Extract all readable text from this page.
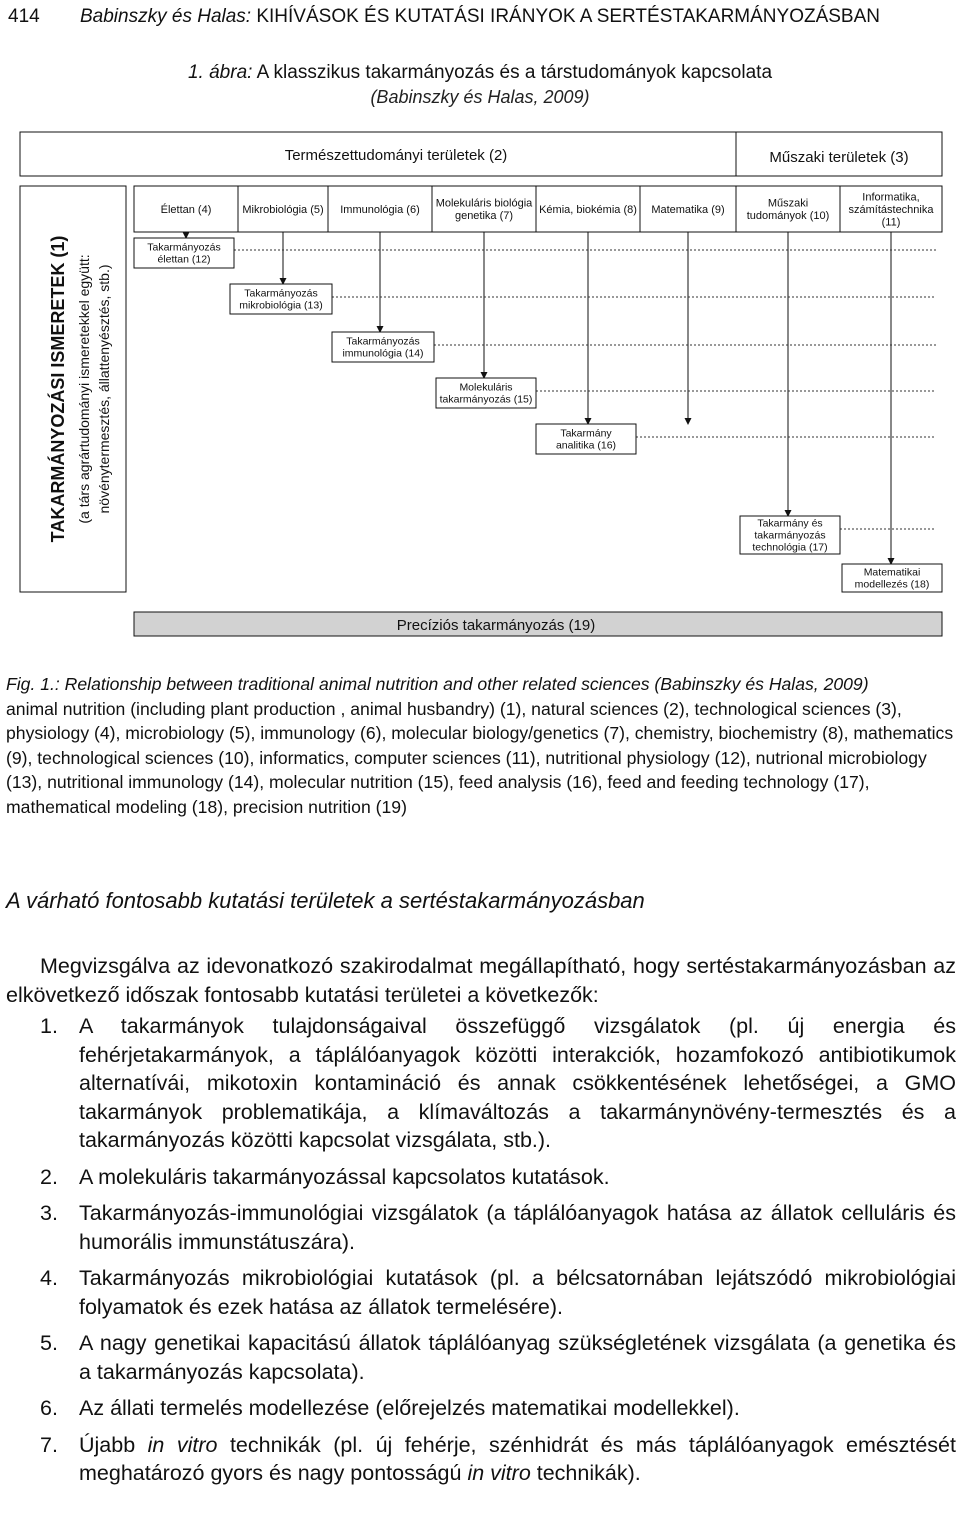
414 Babinszky és Halas: KIHÍVÁSOK ÉS KUTATÁSI IRÁNYOK A SERTÉSTAKARMÁNYOZÁSBAN
1. ábra: A klasszikus takarmányozás és a társtudományok kapcsolata
(Babinszky és Halas, 2009)
Természettudományi területek (2)	Műszaki területek (3)
TAKARMÁNYOZÁSI ISMERETEK (1) (a társ agrártudományi ismeretekkel együtt: növénytermesztés, állattenyésztés, stb.)
Élettan (4)	Mikrobiológia (5) Immunológia (6)
Molekuláris biológia
genetika (7)
Kémia, biokémia (8) Matematika (9)
Műszaki
tudományok (10)
Informatika,
számítástechnika
(11)
Takarmányozás
élettan (12)
Takarmányozás
mikrobiológia (13)
Takarmányozás
immunológia (14)
Molekuláris
takarmányozás (15)
Takarmány
analitika (16)
Takarmány és
takarmányozás
technológia (17)
Matematikai
modellezés (18)
Precíziós takarmányozás (19)
Fig. 1.: Relationship between traditional animal nutrition and other related sciences (Babinszky és Halas, 2009)
animal nutrition (including plant production , animal husbandry) (1), natural sciences (2), technological sciences (3), physiology (4), microbiology (5), immunology (6), molecular biology/genetics (7), chemistry, biochemistry (8), mathematics (9), technological sciences (10), informatics, computer sciences (11), nutritional physiology (12), nutrional microbiology (13), nutritional immunology (14), molecular nutrition (15), feed analysis (16), feed and feeding technology (17), mathematical modeling (18), precision nutrition (19)
A várható fontosabb kutatási területek a sertéstakarmányozásban
Megvizsgálva az idevonatkozó szakirodalmat megállapítható, hogy sertéstakarmányozásban az elkövetkező időszak fontosabb kutatási területei a következők:
1. A takarmányok tulajdonságaival összefüggő vizsgálatok (pl. új energia és fehérjetakarmányok, a táplálóanyagok közötti interakciók, hozamfokozó antibiotikumok alternatívái, mikotoxin kontamináció és annak csökkentésének lehetőségei, a GMO takarmányok problematikája, a klímaváltozás a takarmánynövény-termesztés és a takarmányozás közötti kapcsolat vizsgálata, stb.).
2. A molekuláris takarmányozással kapcsolatos kutatások.
3. Takarmányozás-immunológiai vizsgálatok (a táplálóanyagok hatása az állatok celluláris és humorális immunstátuszára).
4. Takarmányozás mikrobiológiai kutatások (pl. a bélcsatornában lejátszódó mikrobiológiai folyamatok és ezek hatása az állatok termelésére).
5. A nagy genetikai kapacitású állatok táplálóanyag szükségletének vizsgálata (a genetika és a takarmányozás kapcsolata).
6. Az állati termelés modellezése (előrejelzés matematikai modellekkel).
7. Újabb in vitro technikák (pl. új fehérje, szénhidrát és más táplálóanyagok emésztését meghatározó gyors és nagy pontosságú in vitro technikák).
